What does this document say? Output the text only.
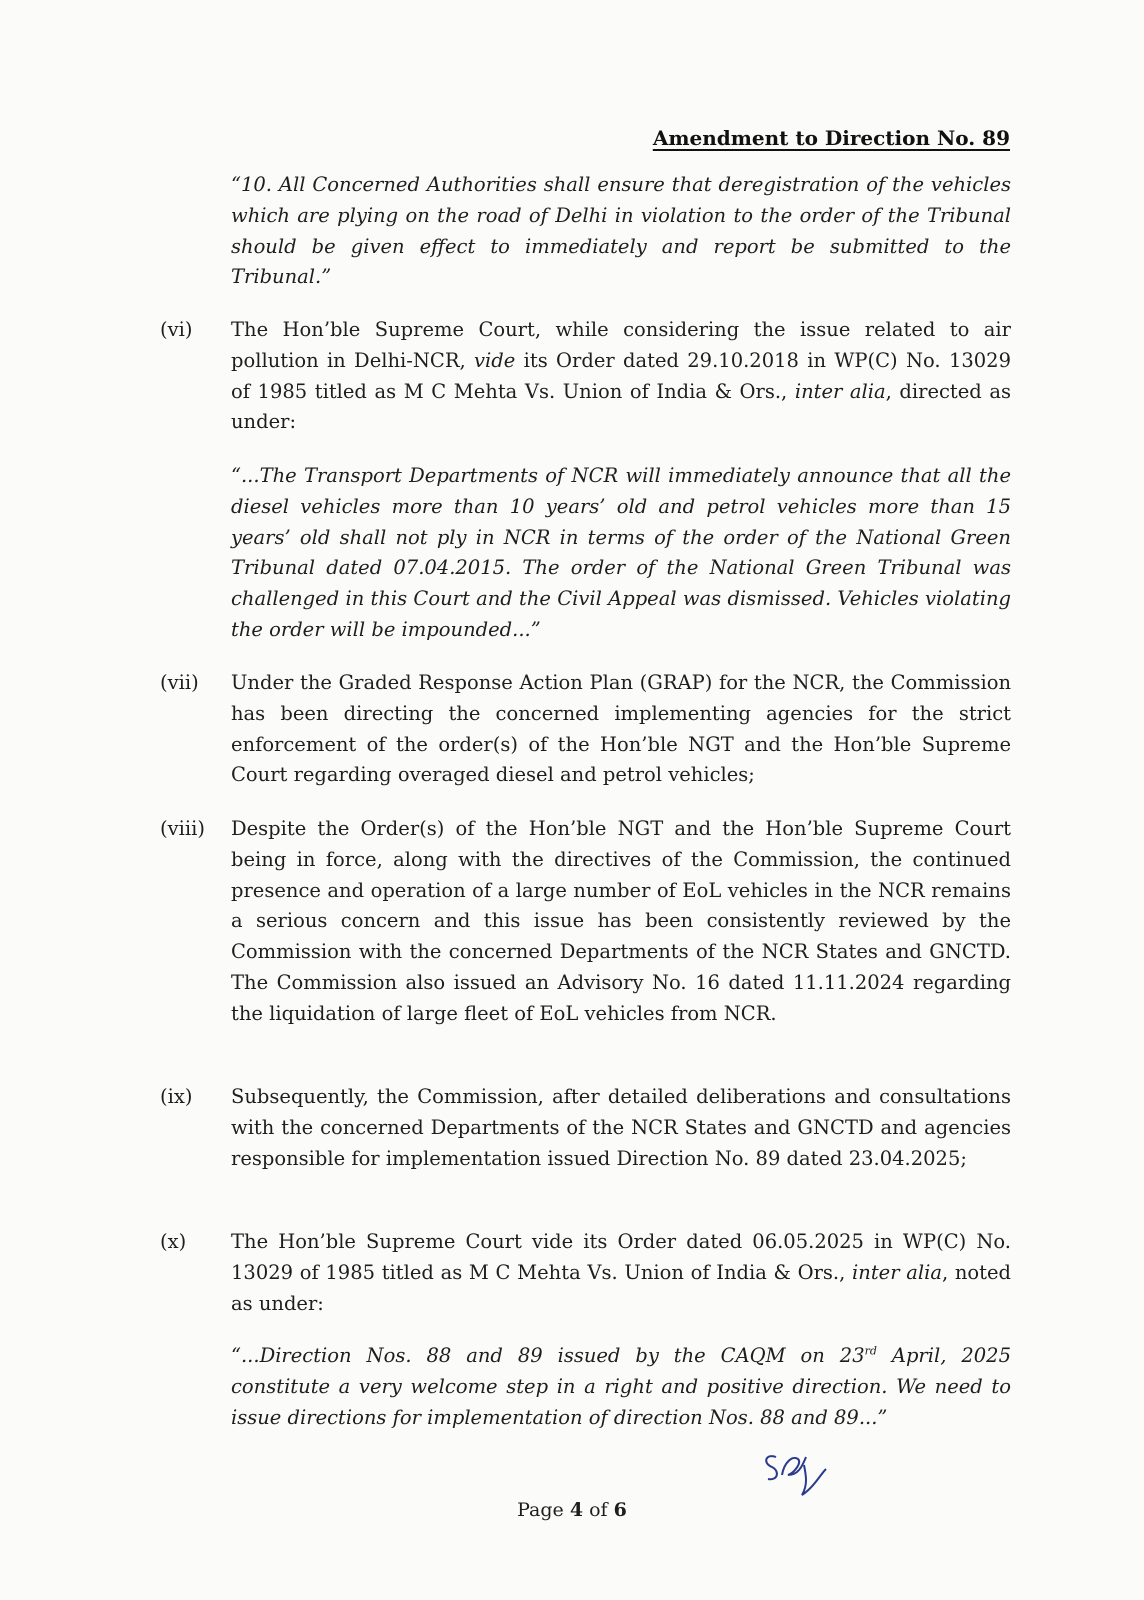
Amendment to Direction No. 89
“10. All Concerned Authorities shall ensure that deregistration of the vehicles which are plying on the road of Delhi in violation to the order of the Tribunal should be given effect to immediately and report be submitted to the Tribunal.”
(vi) The Hon’ble Supreme Court, while considering the issue related to air pollution in Delhi-NCR, vide its Order dated 29.10.2018 in WP(C) No. 13029 of 1985 titled as M C Mehta Vs. Union of India & Ors., inter alia, directed as under:
“...The Transport Departments of NCR will immediately announce that all the diesel vehicles more than 10 years’ old and petrol vehicles more than 15 years’ old shall not ply in NCR in terms of the order of the National Green Tribunal dated 07.04.2015. The order of the National Green Tribunal was challenged in this Court and the Civil Appeal was dismissed. Vehicles violating the order will be impounded...”
(vii) Under the Graded Response Action Plan (GRAP) for the NCR, the Commission has been directing the concerned implementing agencies for the strict enforcement of the order(s) of the Hon’ble NGT and the Hon’ble Supreme Court regarding overaged diesel and petrol vehicles;
(viii) Despite the Order(s) of the Hon’ble NGT and the Hon’ble Supreme Court being in force, along with the directives of the Commission, the continued presence and operation of a large number of EoL vehicles in the NCR remains a serious concern and this issue has been consistently reviewed by the Commission with the concerned Departments of the NCR States and GNCTD. The Commission also issued an Advisory No. 16 dated 11.11.2024 regarding the liquidation of large fleet of EoL vehicles from NCR.
(ix) Subsequently, the Commission, after detailed deliberations and consultations with the concerned Departments of the NCR States and GNCTD and agencies responsible for implementation issued Direction No. 89 dated 23.04.2025;
(x) The Hon’ble Supreme Court vide its Order dated 06.05.2025 in WP(C) No. 13029 of 1985 titled as M C Mehta Vs. Union of India & Ors., inter alia, noted as under:
“...Direction Nos. 88 and 89 issued by the CAQM on 23rd April, 2025 constitute a very welcome step in a right and positive direction. We need to issue directions for implementation of direction Nos. 88 and 89...”
Page 4 of 6
